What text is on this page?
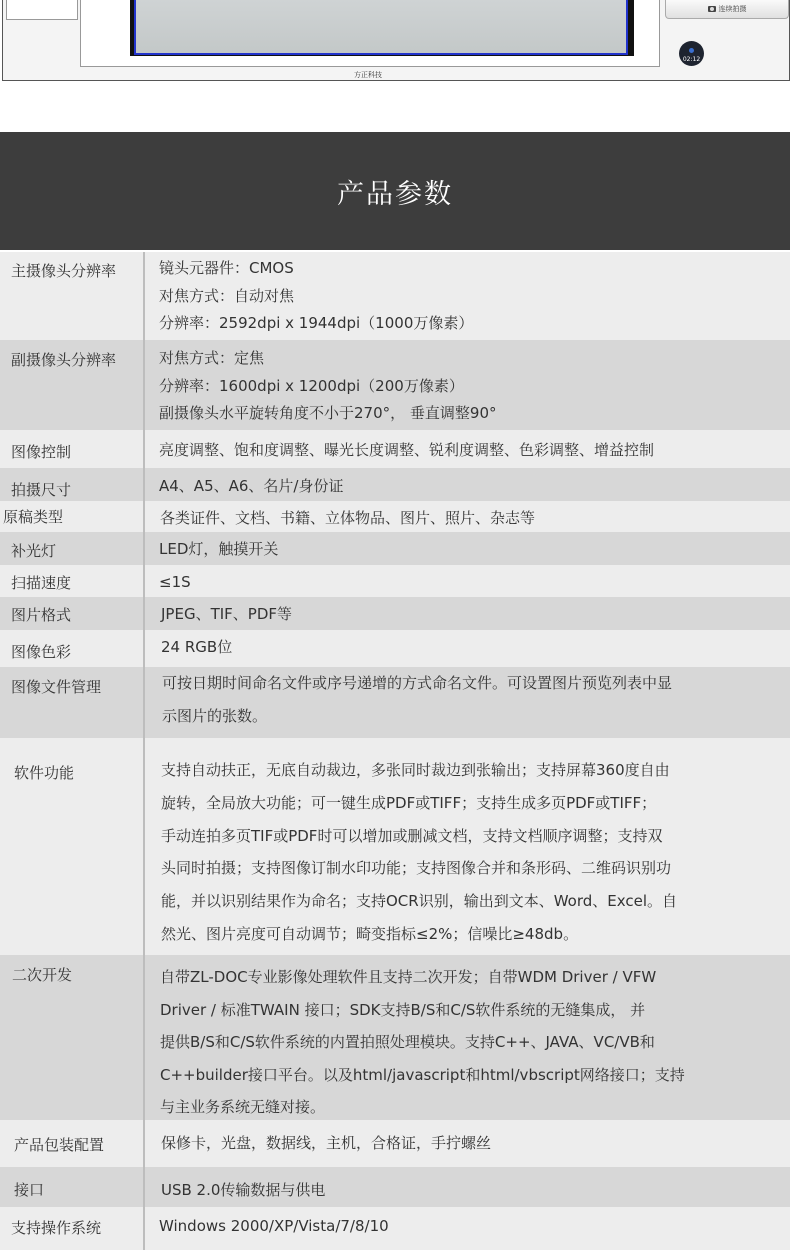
方正科技
连续拍摄
02:12
产品参数
主摄像头分辨率	镜头元器件：CMOS
对焦方式：自动对焦
分辨率：2592dpi x 1944dpi（1000万像素）
副摄像头分辨率	对焦方式：定焦
分辨率：1600dpi x 1200dpi（200万像素）
副摄像头水平旋转角度不小于270°， 垂直调整90°
图像控制	亮度调整、饱和度调整、曝光长度调整、锐利度调整、色彩调整、增益控制
拍摄尺寸	A4、A5、A6、名片/身份证
原稿类型	各类证件、文档、书籍、立体物品、图片、照片、杂志等
补光灯	LED灯，触摸开关
扫描速度	≤1S
图片格式	JPEG、TIF、PDF等
图像色彩	24 RGB位
图像文件管理	可按日期时间命名文件或序号递增的方式命名文件。可设置图片预览列表中显
示图片的张数。
软件功能	支持自动扶正，无底自动裁边，多张同时裁边到张输出；支持屏幕360度自由
旋转，全局放大功能；可一键生成PDF或TIFF；支持生成多页PDF或TIFF；
手动连拍多页TIF或PDF时可以增加或删减文档，支持文档顺序调整；支持双
头同时拍摄；支持图像订制水印功能；支持图像合并和条形码、二维码识别功
能，并以识别结果作为命名；支持OCR识别，输出到文本、Word、Excel。自
然光、图片亮度可自动调节；畸变指标≤2%；信噪比≥48db。
二次开发	自带ZL-DOC专业影像处理软件且支持二次开发；自带WDM Driver / VFW
Driver / 标准TWAIN 接口；SDK支持B/S和C/S软件系统的无缝集成， 并
提供B/S和C/S软件系统的内置拍照处理模块。支持C++、JAVA、VC/VB和
C++builder接口平台。以及html/javascript和html/vbscript网络接口；支持
与主业务系统无缝对接。
产品包装配置	保修卡，光盘，数据线，主机，合格证，手拧螺丝
接口	USB 2.0传输数据与供电
支持操作系统	Windows 2000/XP/Vista/7/8/10
